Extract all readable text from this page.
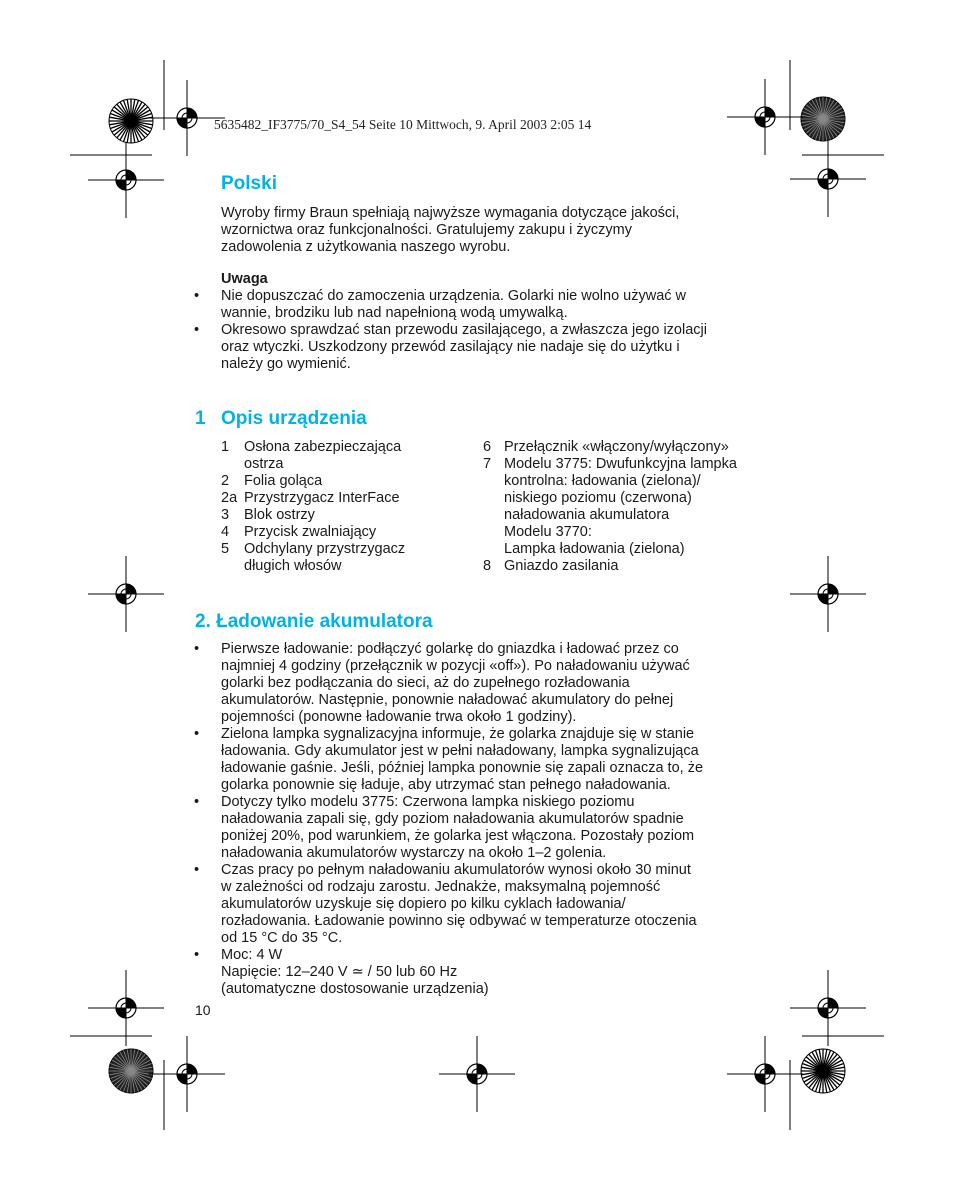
5635482_IF3775/70_S4_54 Seite 10 Mittwoch, 9. April 2003 2:05 14
Polski
Wyroby firmy Braun spełniają najwyższe wymagania dotyczące jakości,
wzornictwa oraz funkcjonalności. Gratulujemy zakupu i życzymy
zadowolenia z użytkowania naszego wyrobu.
Uwaga
• Nie dopuszczać do zamoczenia urządzenia. Golarki nie wolno używać w
wannie, brodziku lub nad napełnioną wodą umywalką.
• Okresowo sprawdzać stan przewodu zasilającego, a zwłaszcza jego izolacji
oraz wtyczki. Uszkodzony przewód zasilający nie nadaje się do użytku i
należy go wymienić.
1 Opis urządzenia
1	Osłona zabezpieczająca
ostrza
2	Folia goląca
2a Przystrzygacz InterFace
3	Blok ostrzy
4	Przycisk zwalniający
5	Odchylany przystrzygacz
długich włosów
6 Przełącznik «włączony/wyłączony»
7 Modelu 3775: Dwufunkcyjna lampka
kontrolna: ładowania (zielona)/
niskiego poziomu (czerwona)
naładowania akumulatora
Modelu 3770:
Lampka ładowania (zielona)
8 Gniazdo zasilania
2. Ładowanie akumulatora
• Pierwsze ładowanie: podłączyć golarkę do gniazdka i ładować przez co
najmniej 4 godziny (przełącznik w pozycji «off»). Po naładowaniu używać
golarki bez podłączania do sieci, aż do zupełnego rozładowania
akumulatorów. Następnie, ponownie naładować akumulatory do pełnej
pojemności (ponowne ładowanie trwa około 1 godziny).
• Zielona lampka sygnalizacyjna informuje, że golarka znajduje się w stanie
ładowania. Gdy akumulator jest w pełni naładowany, lampka sygnalizująca
ładowanie gaśnie. Jeśli, później lampka ponownie się zapali oznacza to, że
golarka ponownie się ładuje, aby utrzymać stan pełnego naładowania.
• Dotyczy tylko modelu 3775: Czerwona lampka niskiego poziomu
naładowania zapali się, gdy poziom naładowania akumulatorów spadnie
poniżej 20%, pod warunkiem, że golarka jest włączona. Pozostały poziom
naładowania akumulatorów wystarczy na około 1–2 golenia.
• Czas pracy po pełnym naładowaniu akumulatorów wynosi około 30 minut
w zależności od rodzaju zarostu. Jednakże, maksymalną pojemność
akumulatorów uzyskuje się dopiero po kilku cyklach ładowania/
rozładowania. Ładowanie powinno się odbywać w temperaturze otoczenia
od 15 °C do 35 °C.
• Moc: 4 W
Napięcie: 12–240 V ≃ / 50 lub 60 Hz
(automatyczne dostosowanie urządzenia)
10
